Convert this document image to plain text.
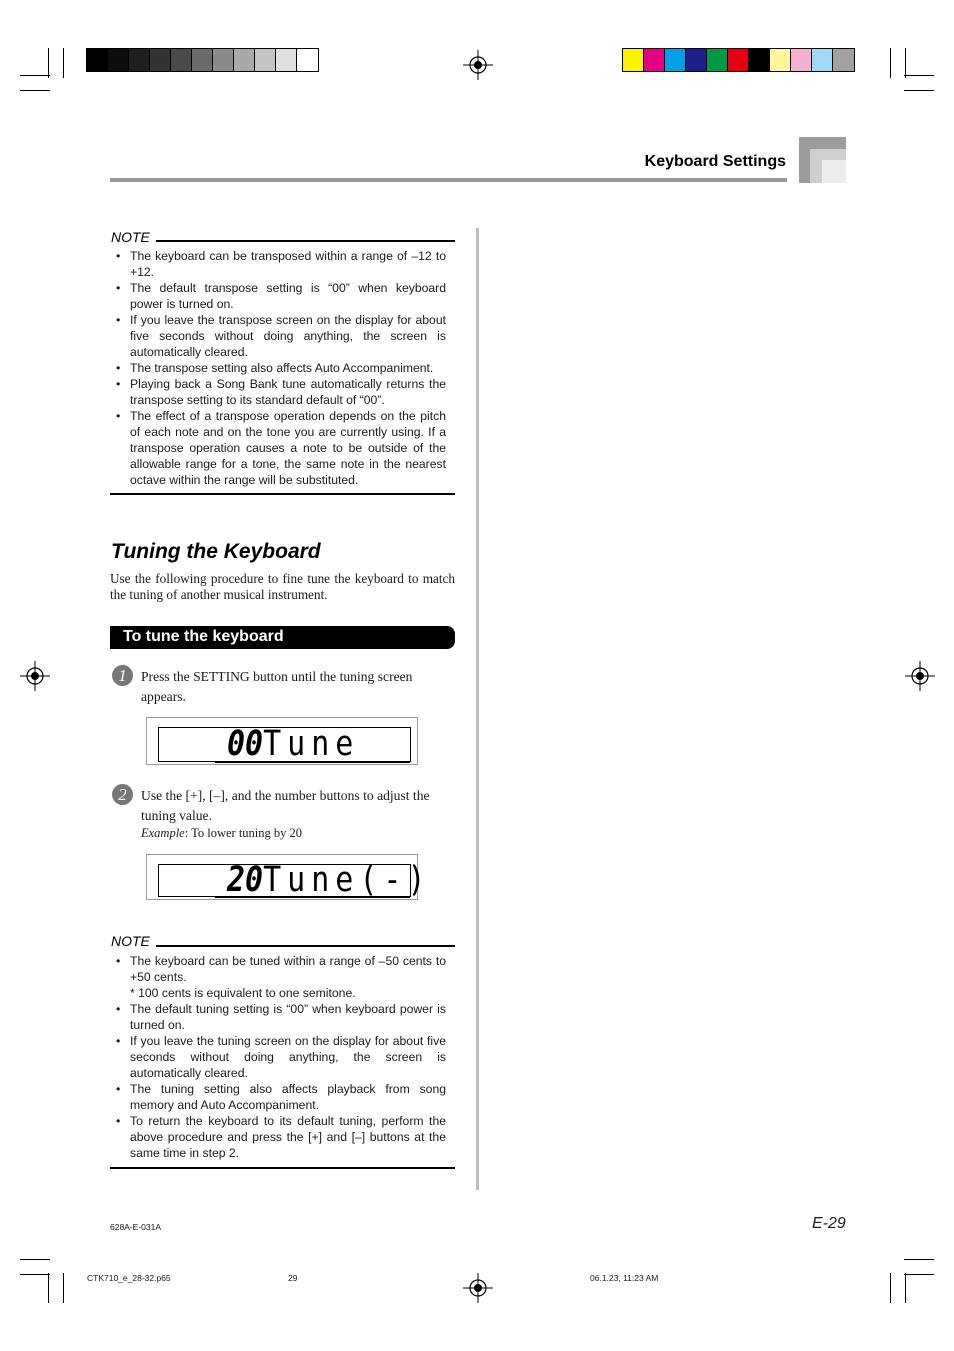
Keyboard Settings
NOTE
• The keyboard can be transposed within a range of –12 to +12.
• The default transpose setting is “00” when keyboard power is turned on.
• If you leave the transpose screen on the display for about five seconds without doing anything, the screen is automatically cleared.
• The transpose setting also affects Auto Accompaniment.
• Playing back a Song Bank tune automatically returns the transpose setting to its standard default of “00”.
• The effect of a transpose operation depends on the pitch of each note and on the tone you are currently using. If a transpose operation causes a note to be outside of the allowable range for a tone, the same note in the nearest octave within the range will be substituted.
Tuning the Keyboard
Use the following procedure to fine tune the keyboard to match the tuning of another musical instrument.
To tune the keyboard
1	Press the SETTING button until the tuning screen appears.
00Tune
2	Use the [+], [–], and the number buttons to adjust the tuning value.
Example: To lower tuning by 20
20Tune(-)
NOTE
• The keyboard can be tuned within a range of –50 cents to +50 cents.
* 100 cents is equivalent to one semitone.
• The default tuning setting is “00” when keyboard power is turned on.
• If you leave the tuning screen on the display for about five seconds without doing anything, the screen is automatically cleared.
• The tuning setting also affects playback from song memory and Auto Accompaniment.
• To return the keyboard to its default tuning, perform the above procedure and press the [+] and [–] buttons at the same time in step 2.
E-29
628A-E-031A
CTK710_e_28-32.p65	29	06.1.23, 11:23 AM
